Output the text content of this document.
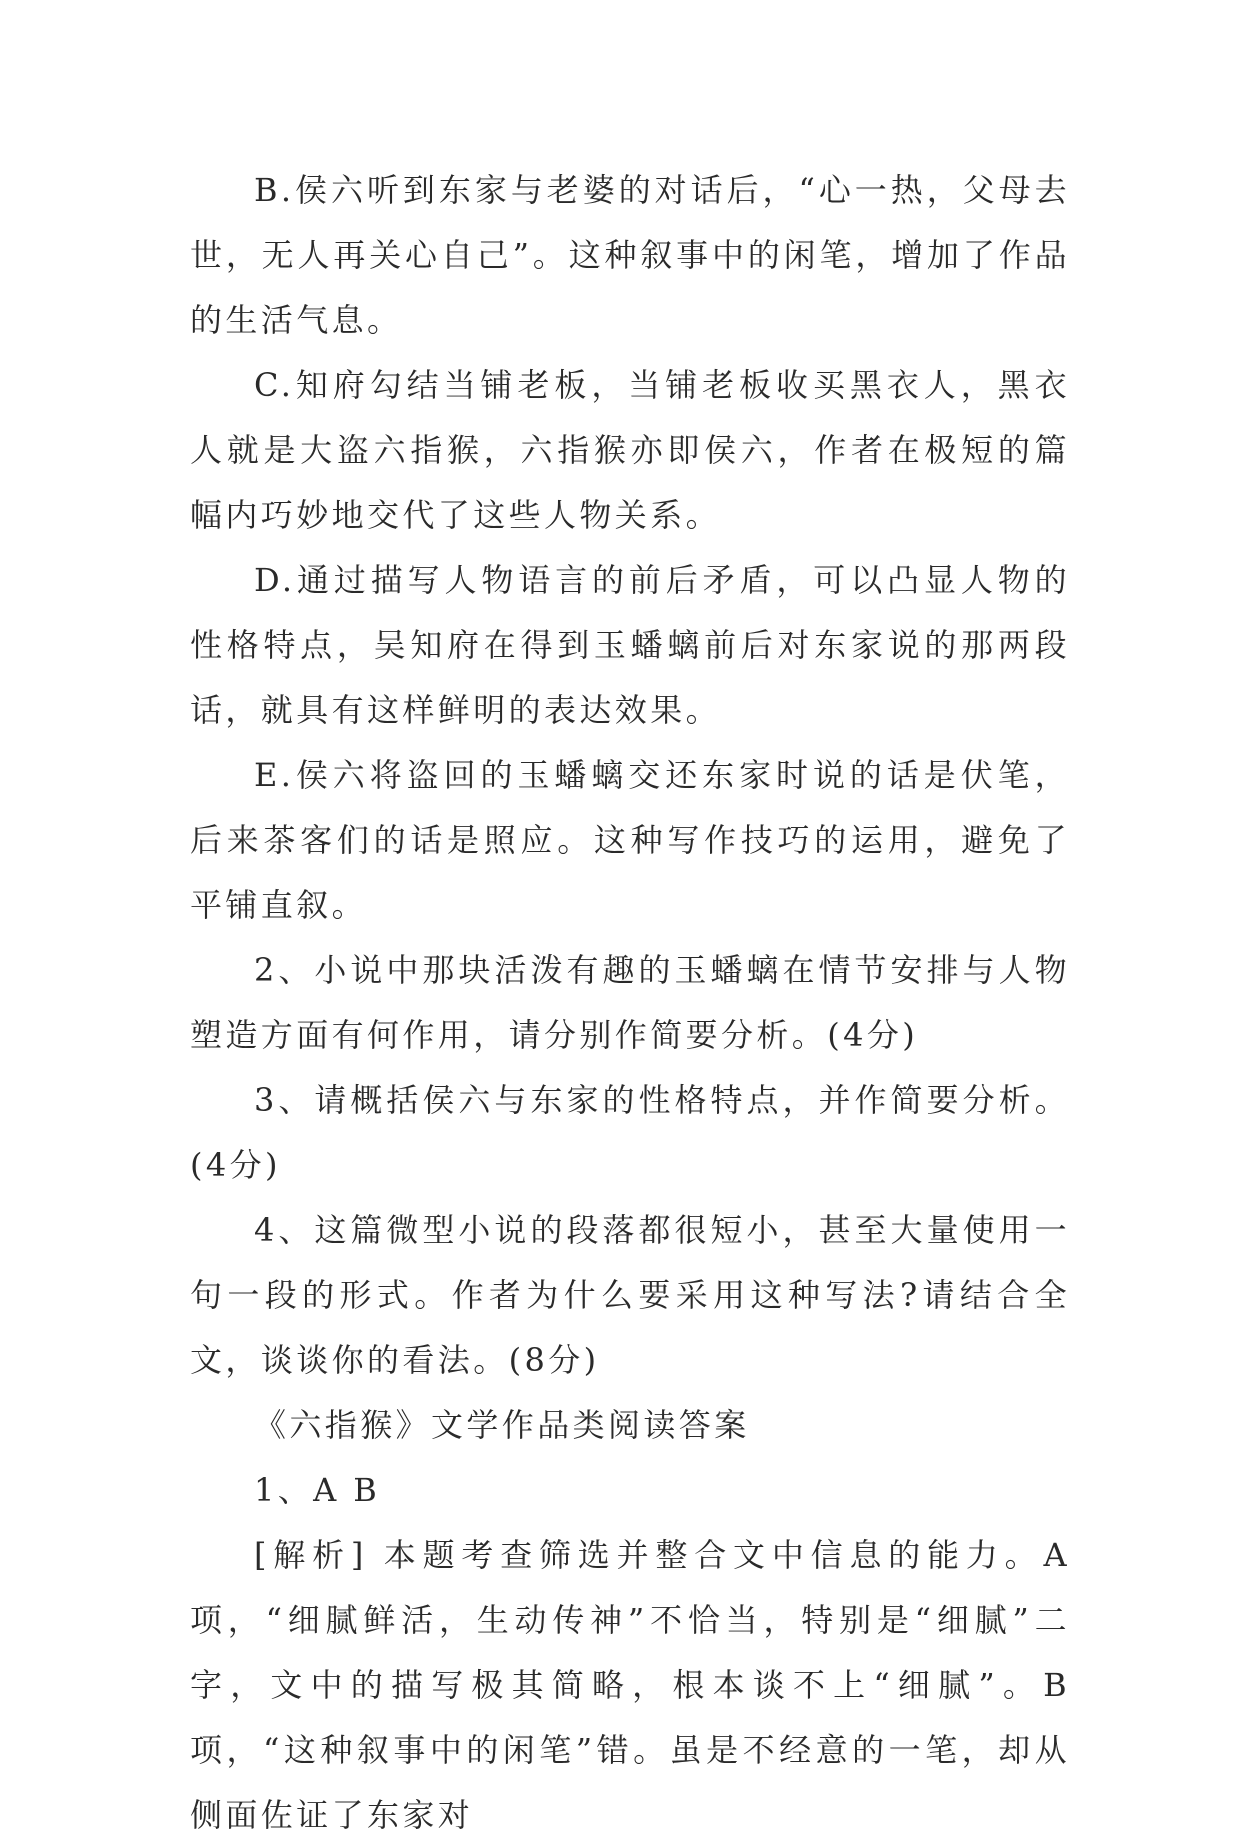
B.侯六听到东家与老婆的对话后，“心一热，父母去世，无人再关心自己”。这种叙事中的闲笔，增加了作品的生活气息。

C.知府勾结当铺老板，当铺老板收买黑衣人，黑衣人就是大盗六指猴，六指猴亦即侯六，作者在极短的篇幅内巧妙地交代了这些人物关系。

D.通过描写人物语言的前后矛盾，可以凸显人物的性格特点，吴知府在得到玉蟠螭前后对东家说的那两段话，就具有这样鲜明的表达效果。

E.侯六将盗回的玉蟠螭交还东家时说的话是伏笔，后来茶客们的话是照应。这种写作技巧的运用，避免了平铺直叙。

2、小说中那块活泼有趣的玉蟠螭在情节安排与人物塑造方面有何作用，请分别作简要分析。(4分)

3、请概括侯六与东家的性格特点，并作简要分析。(4分)

4、这篇微型小说的段落都很短小，甚至大量使用一句一段的形式。作者为什么要采用这种写法?请结合全文，谈谈你的看法。(8分)

《六指猴》文学作品类阅读答案

1、A B

[解析] 本题考查筛选并整合文中信息的能力。A项，“细腻鲜活，生动传神”不恰当，特别是“细腻”二字，文中的描写极其简略，根本谈不上“细腻”。B项，“这种叙事中的闲笔”错。虽是不经意的一笔，却从侧面佐证了东家对
